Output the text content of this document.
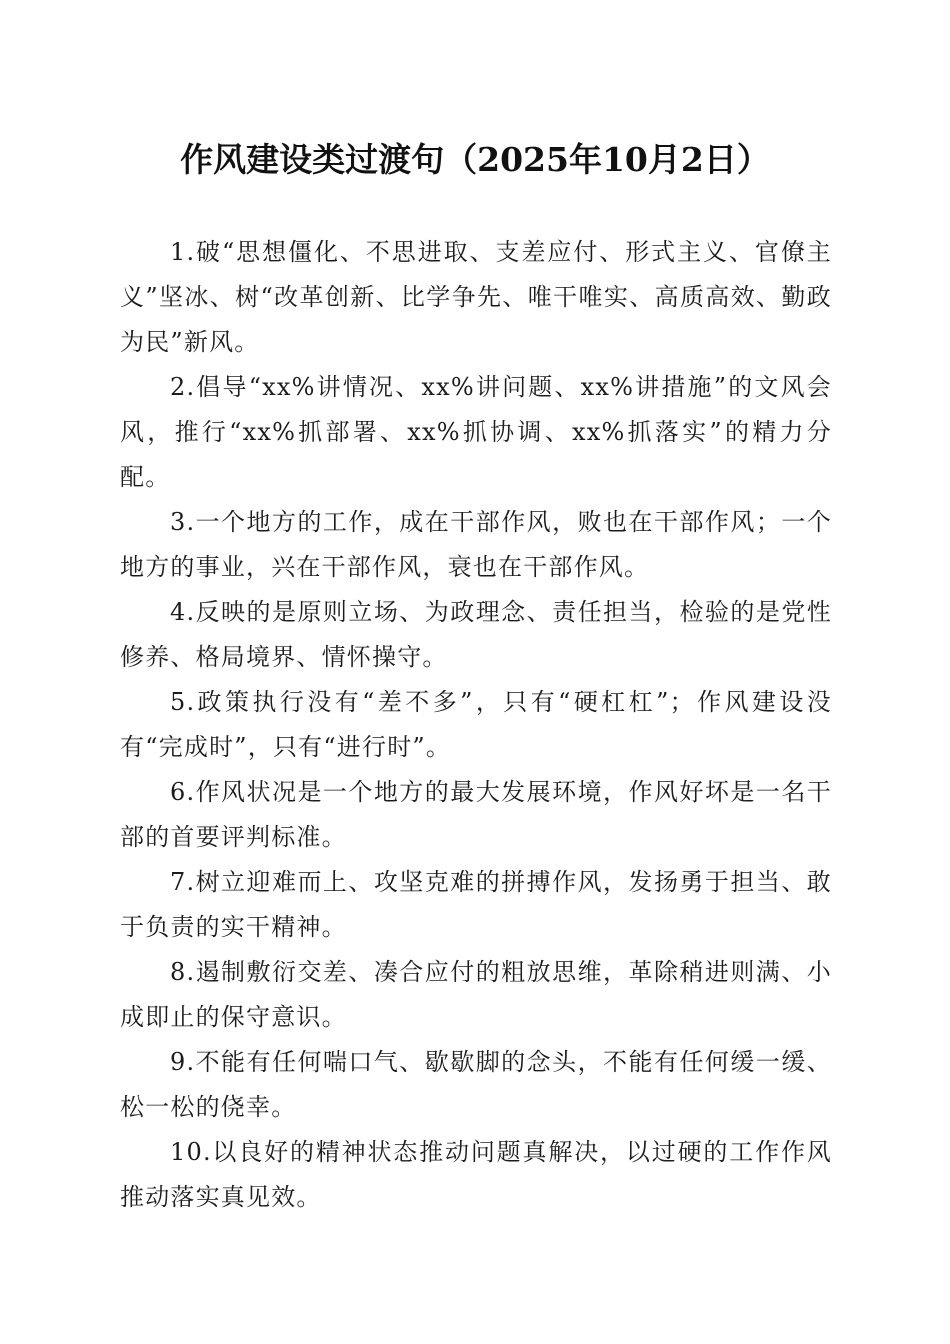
作风建设类过渡句（2025年10月2日）

1.破“思想僵化、不思进取、支差应付、形式主义、官僚主义”坚冰、树“改革创新、比学争先、唯干唯实、高质高效、勤政为民”新风。

2.倡导“xx%讲情况、xx%讲问题、xx%讲措施”的文风会风，推行“xx%抓部署、xx%抓协调、xx%抓落实”的精力分配。

3.一个地方的工作，成在干部作风，败也在干部作风；一个地方的事业，兴在干部作风，衰也在干部作风。

4.反映的是原则立场、为政理念、责任担当，检验的是党性修养、格局境界、情怀操守。

5.政策执行没有“差不多”，只有“硬杠杠”；作风建设没有“完成时”，只有“进行时”。

6.作风状况是一个地方的最大发展环境，作风好坏是一名干部的首要评判标准。

7.树立迎难而上、攻坚克难的拼搏作风，发扬勇于担当、敢于负责的实干精神。

8.遏制敷衍交差、凑合应付的粗放思维，革除稍进则满、小成即止的保守意识。

9.不能有任何喘口气、歇歇脚的念头，不能有任何缓一缓、松一松的侥幸。

10.以良好的精神状态推动问题真解决，以过硬的工作作风推动落实真见效。
